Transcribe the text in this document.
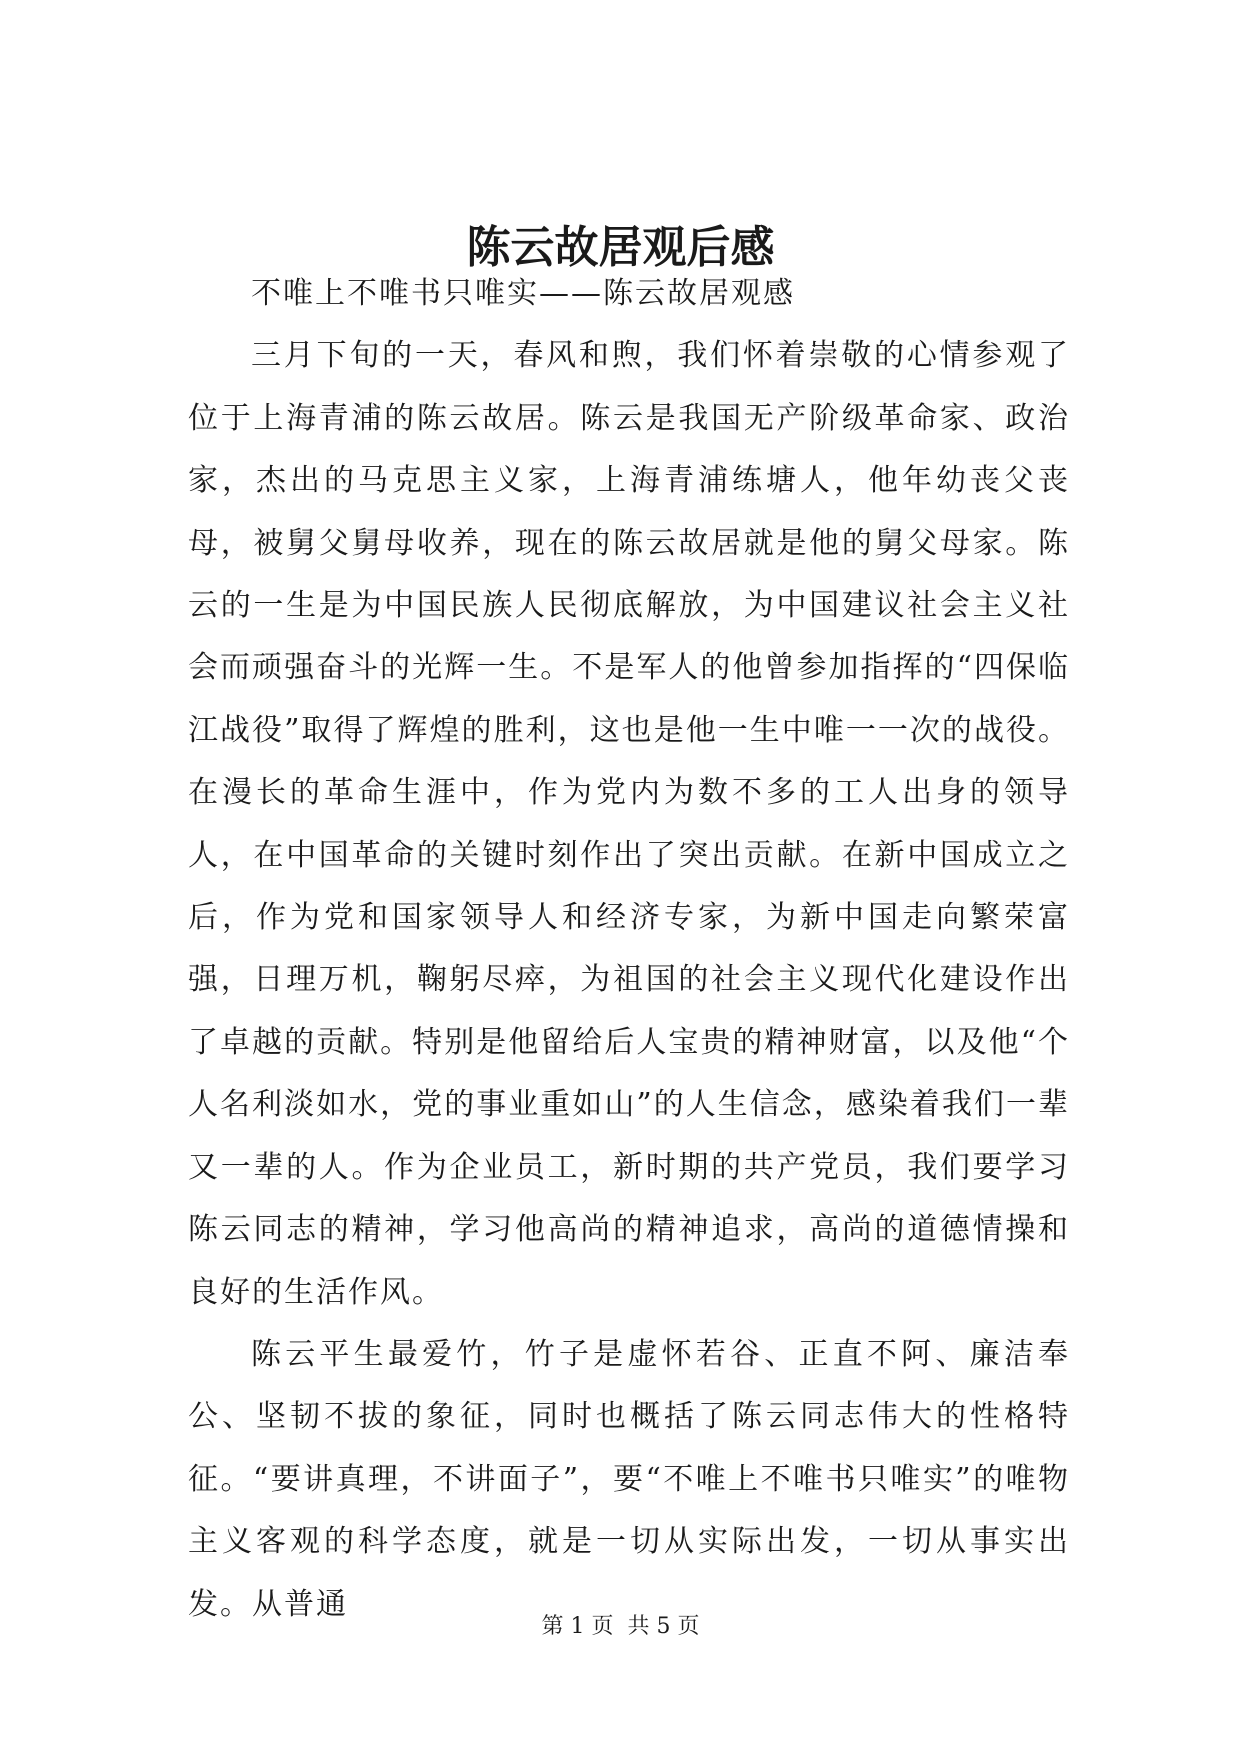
陈云故居观后感

不唯上不唯书只唯实——陈云故居观感

三月下旬的一天，春风和煦，我们怀着崇敬的心情参观了位于上海青浦的陈云故居。陈云是我国无产阶级革命家、政治家，杰出的马克思主义家，上海青浦练塘人，他年幼丧父丧母，被舅父舅母收养，现在的陈云故居就是他的舅父母家。陈云的一生是为中国民族人民彻底解放，为中国建议社会主义社会而顽强奋斗的光辉一生。不是军人的他曾参加指挥的“四保临江战役”取得了辉煌的胜利，这也是他一生中唯一一次的战役。在漫长的革命生涯中，作为党内为数不多的工人出身的领导人，在中国革命的关键时刻作出了突出贡献。在新中国成立之后，作为党和国家领导人和经济专家，为新中国走向繁荣富强，日理万机，鞠躬尽瘁，为祖国的社会主义现代化建设作出了卓越的贡献。特别是他留给后人宝贵的精神财富，以及他“个人名利淡如水，党的事业重如山”的人生信念，感染着我们一辈又一辈的人。作为企业员工，新时期的共产党员，我们要学习陈云同志的精神，学习他高尚的精神追求，高尚的道德情操和良好的生活作风。

陈云平生最爱竹，竹子是虚怀若谷、正直不阿、廉洁奉公、坚韧不拔的象征，同时也概括了陈云同志伟大的性格特征。“要讲真理，不讲面子”，要“不唯上不唯书只唯实”的唯物主义客观的科学态度，就是一切从实际出发，一切从事实出发。从普通

第 1 页 共 5 页
